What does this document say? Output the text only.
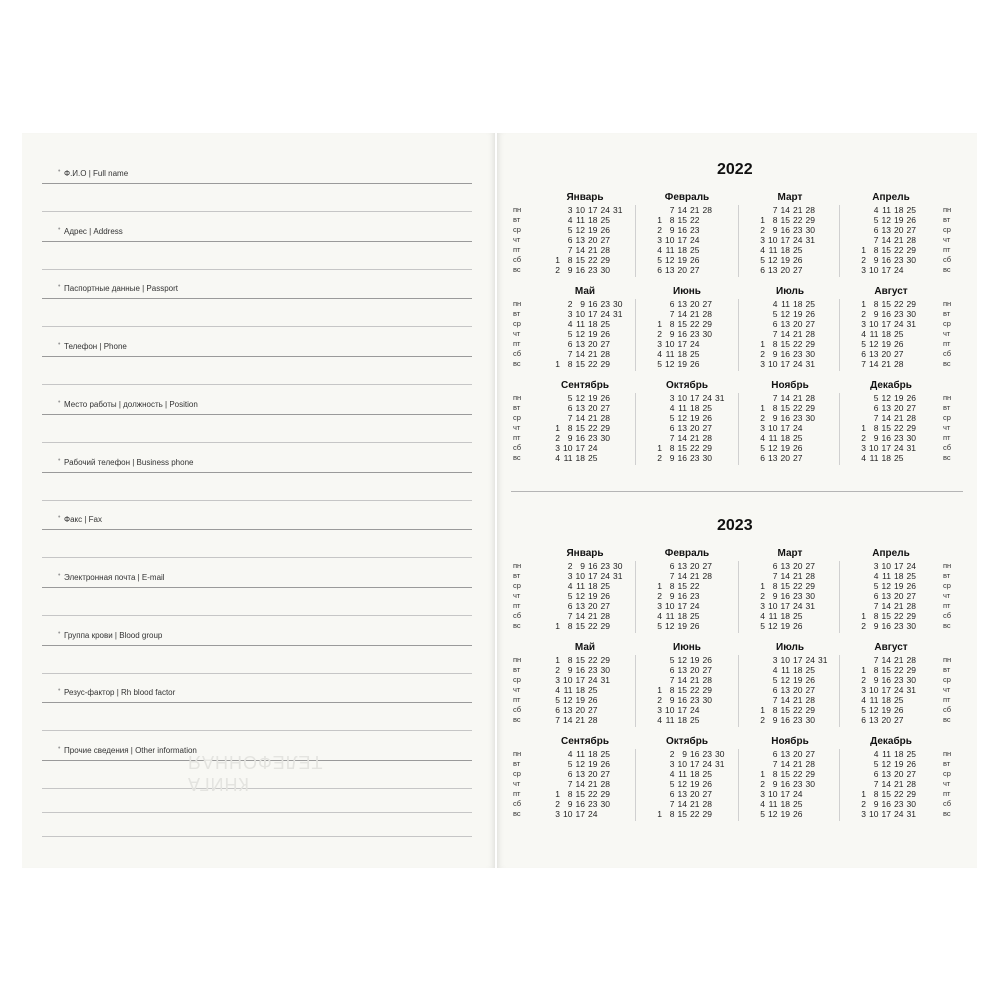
• Ф.И.О | Full name
• Адрес | Address
• Паспортные данные | Passport
• Телефон | Phone
• Место работы | должность | Position
• Рабочий телефон | Business phone
• Факс | Fax
• Электронная почта | E-mail
• Группа крови | Blood group
• Резус-фактор | Rh blood factor
• Прочие сведения | Other information
ТЕЛЕФОННАЯ
КНИГА
2022
пн
вт
ср
чт
пт
сб
вс
пн
вт
ср
чт
пт
сб
вс
Январь
3 10 17 24 31
4 11 18 25
5 12 19 26
6 13 20 27
7 14 21 28
1 8 15 22 29
2 9 16 23 30
Февраль
7 14 21 28
1 8 15 22
2 9 16 23
3 10 17 24
4 11 18 25
5 12 19 26
6 13 20 27
Март
7 14 21 28
1 8 15 22 29
2 9 16 23 30
3 10 17 24 31
4 11 18 25
5 12 19 26
6 13 20 27
Апрель
4 11 18 25
5 12 19 26
6 13 20 27
7 14 21 28
1 8 15 22 29
2 9 16 23 30
3 10 17 24
пн
вт
ср
чт
пт
сб
вс
пн
вт
ср
чт
пт
сб
вс
Май
2 9 16 23 30
3 10 17 24 31
4 11 18 25
5 12 19 26
6 13 20 27
7 14 21 28
1 8 15 22 29
Июнь
6 13 20 27
7 14 21 28
1 8 15 22 29
2 9 16 23 30
3 10 17 24
4 11 18 25
5 12 19 26
Июль
4 11 18 25
5 12 19 26
6 13 20 27
7 14 21 28
1 8 15 22 29
2 9 16 23 30
3 10 17 24 31
Август
1 8 15 22 29
2 9 16 23 30
3 10 17 24 31
4 11 18 25
5 12 19 26
6 13 20 27
7 14 21 28
пн
вт
ср
чт
пт
сб
вс
пн
вт
ср
чт
пт
сб
вс
Сентябрь
5 12 19 26
6 13 20 27
7 14 21 28
1 8 15 22 29
2 9 16 23 30
3 10 17 24
4 11 18 25
Октябрь
3 10 17 24 31
4 11 18 25
5 12 19 26
6 13 20 27
7 14 21 28
1 8 15 22 29
2 9 16 23 30
Ноябрь
7 14 21 28
1 8 15 22 29
2 9 16 23 30
3 10 17 24
4 11 18 25
5 12 19 26
6 13 20 27
Декабрь
5 12 19 26
6 13 20 27
7 14 21 28
1 8 15 22 29
2 9 16 23 30
3 10 17 24 31
4 11 18 25
2023
пн
вт
ср
чт
пт
сб
вс
пн
вт
ср
чт
пт
сб
вс
Январь
2 9 16 23 30
3 10 17 24 31
4 11 18 25
5 12 19 26
6 13 20 27
7 14 21 28
1 8 15 22 29
Февраль
6 13 20 27
7 14 21 28
1 8 15 22
2 9 16 23
3 10 17 24
4 11 18 25
5 12 19 26
Март
6 13 20 27
7 14 21 28
1 8 15 22 29
2 9 16 23 30
3 10 17 24 31
4 11 18 25
5 12 19 26
Апрель
3 10 17 24
4 11 18 25
5 12 19 26
6 13 20 27
7 14 21 28
1 8 15 22 29
2 9 16 23 30
пн
вт
ср
чт
пт
сб
вс
пн
вт
ср
чт
пт
сб
вс
Май
1 8 15 22 29
2 9 16 23 30
3 10 17 24 31
4 11 18 25
5 12 19 26
6 13 20 27
7 14 21 28
Июнь
5 12 19 26
6 13 20 27
7 14 21 28
1 8 15 22 29
2 9 16 23 30
3 10 17 24
4 11 18 25
Июль
3 10 17 24 31
4 11 18 25
5 12 19 26
6 13 20 27
7 14 21 28
1 8 15 22 29
2 9 16 23 30
Август
7 14 21 28
1 8 15 22 29
2 9 16 23 30
3 10 17 24 31
4 11 18 25
5 12 19 26
6 13 20 27
пн
вт
ср
чт
пт
сб
вс
пн
вт
ср
чт
пт
сб
вс
Сентябрь
4 11 18 25
5 12 19 26
6 13 20 27
7 14 21 28
1 8 15 22 29
2 9 16 23 30
3 10 17 24
Октябрь
2 9 16 23 30
3 10 17 24 31
4 11 18 25
5 12 19 26
6 13 20 27
7 14 21 28
1 8 15 22 29
Ноябрь
6 13 20 27
7 14 21 28
1 8 15 22 29
2 9 16 23 30
3 10 17 24
4 11 18 25
5 12 19 26
Декабрь
4 11 18 25
5 12 19 26
6 13 20 27
7 14 21 28
1 8 15 22 29
2 9 16 23 30
3 10 17 24 31
